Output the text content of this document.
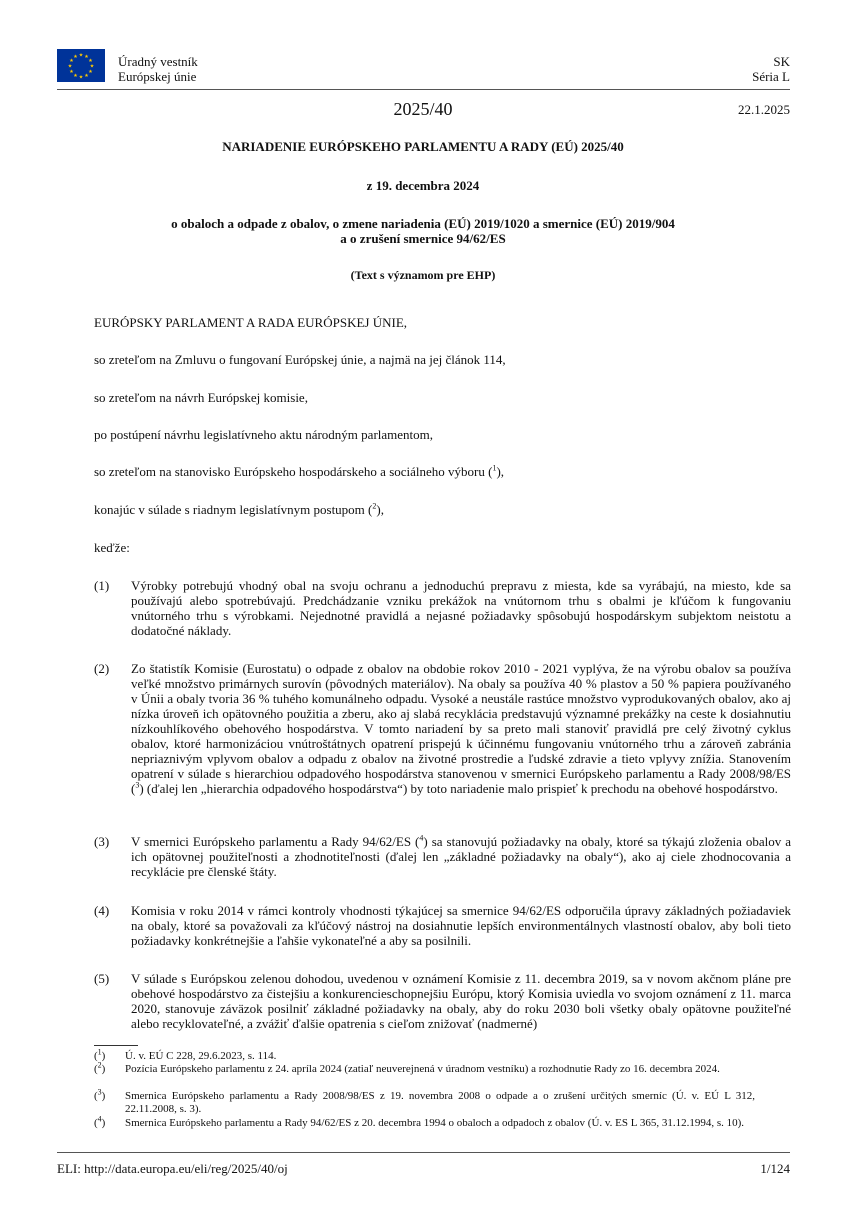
★ ★
★
★
★
★
★
★
★
★
★
★	Úradný vestník
Európskej únie
SK
Séria L
2025/40	22.1.2025
NARIADENIE EURÓPSKEHO PARLAMENTU A RADY (EÚ) 2025/40
z 19. decembra 2024
o obaloch a odpade z obalov, o zmene nariadenia (EÚ) 2019/1020 a smernice (EÚ) 2019/904
a o zrušení smernice 94/62/ES
(Text s významom pre EHP)
EURÓPSKY PARLAMENT A RADA EURÓPSKEJ ÚNIE,
so zreteľom na Zmluvu o fungovaní Európskej únie, a najmä na jej článok 114,
so zreteľom na návrh Európskej komisie,
po postúpení návrhu legislatívneho aktu národným parlamentom,
so zreteľom na stanovisko Európskeho hospodárskeho a sociálneho výboru ($^1$),
konajúc v súlade s riadnym legislatívnym postupom ($^2$),
keďže:
(1) Výrobky potrebujú vhodný obal na svoju ochranu a jednoduchú prepravu z miesta, kde sa vyrábajú, na miesto, kde sa používajú alebo spotrebúvajú. Predchádzanie vzniku prekážok na vnútornom trhu s obalmi je kľúčom k fungovaniu vnútorného trhu s výrobkami. Nejednotné pravidlá a nejasné požiadavky spôsobujú hospodárskym subjektom neistotu a dodatočné náklady.
(2) Zo štatistík Komisie (Eurostatu) o odpade z obalov na obdobie rokov 2010 - 2021 vyplýva, že na výrobu obalov sa používa veľké množstvo primárnych surovín (pôvodných materiálov). Na obaly sa používa 40 % plastov a 50 % papiera používaného v Únii a obaly tvoria 36 % tuhého komunálneho odpadu. Vysoké a neustále rastúce množstvo vyprodukovaných obalov, ako aj nízka úroveň ich opätovného použitia a zberu, ako aj slabá recyklácia predstavujú významné prekážky na ceste k dosiahnutiu nízkouhlíkového obehového hospodárstva. V tomto nariadení by sa preto mali stanoviť pravidlá pre celý životný cyklus obalov, ktoré harmonizáciou vnútroštátnych opatrení prispejú k účinnému fungovaniu vnútorného trhu a zároveň zabránia nepriaznivým vplyvom obalov a odpadu z obalov na životné prostredie a ľudské zdravie a tieto vplyvy znížia. Stanovením opatrení v súlade s hierarchiou odpadového hospodárstva stanovenou v smernici Európskeho parlamentu a Rady 2008/98/ES ($^3$) (ďalej len „hierarchia odpadového hospodárstva“) by toto nariadenie malo prispieť k prechodu na obehové hospodárstvo.
(3) V smernici Európskeho parlamentu a Rady 94/62/ES ($^4$) sa stanovujú požiadavky na obaly, ktoré sa týkajú zloženia obalov a ich opätovnej použiteľnosti a zhodnotiteľnosti (ďalej len „základné požiadavky na obaly“), ako aj ciele zhodnocovania a recyklácie pre členské štáty.
(4) Komisia v roku 2014 v rámci kontroly vhodnosti týkajúcej sa smernice 94/62/ES odporučila úpravy základných požiadaviek na obaly, ktoré sa považovali za kľúčový nástroj na dosiahnutie lepších environmentálnych vlastností obalov, aby boli tieto požiadavky konkrétnejšie a ľahšie vykonateľné a aby sa posilnili.
(5) V súlade s Európskou zelenou dohodou, uvedenou v oznámení Komisie z 11. decembra 2019, sa v novom akčnom pláne pre obehové hospodárstvo za čistejšiu a konkurencieschopnejšiu Európu, ktorý Komisia uviedla vo svojom oznámení z 11. marca 2020, stanovuje záväzok posilniť základné požiadavky na obaly, aby do roku 2030 boli všetky obaly opätovne použiteľné alebo recyklovateľné, a zvážiť ďalšie opatrenia s cieľom znižovať (nadmerné)
($^1$) Ú. v. EÚ C 228, 29.6.2023, s. 114.
($^2$) Pozícia Európskeho parlamentu z 24. apríla 2024 (zatiaľ neuverejnená v úradnom vestníku) a rozhodnutie Rady zo 16. decembra 2024.
($^3$) Smernica Európskeho parlamentu a Rady 2008/98/ES z 19. novembra 2008 o odpade a o zrušení určitých smerníc (Ú. v. EÚ L 312, 22.11.2008, s. 3).
($^4$) Smernica Európskeho parlamentu a Rady 94/62/ES z 20. decembra 1994 o obaloch a odpadoch z obalov (Ú. v. ES L 365, 31.12.1994, s. 10).
ELI: http://data.europa.eu/eli/reg/2025/40/oj	1/124
